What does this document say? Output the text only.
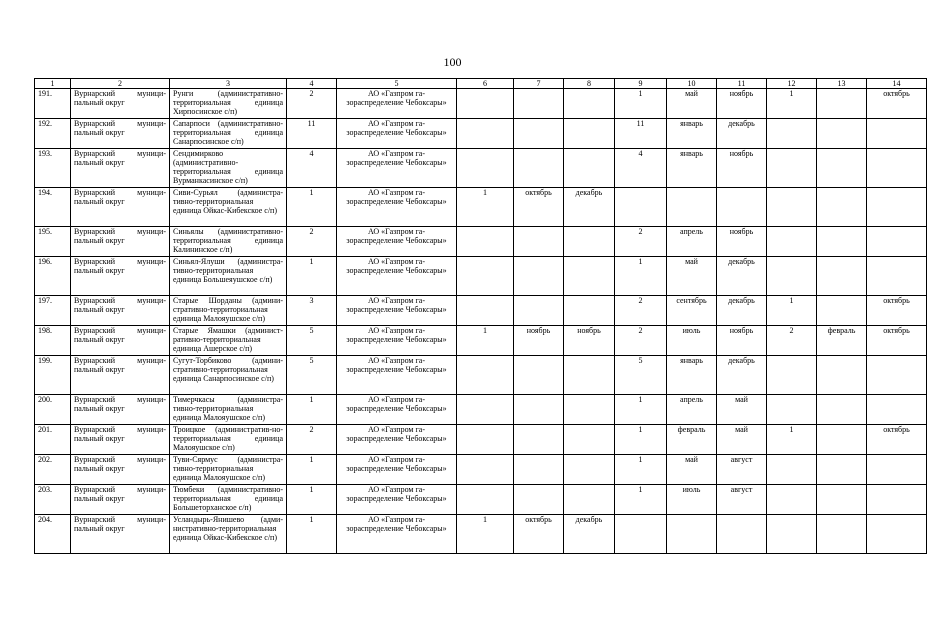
100
1	2	3	4	5	6	7	8	9	10	11	12	13	14
191.	Вурнарский муници-пальный округ	Рунги (административно-территориальная единица Хирпосинское с/п)	2	АО «Газпром га-зораспределение Чебоксары»				1	май	ноябрь	1		октябрь
192.	Вурнарский муници-пальный округ	Сапарпоси (административно-территориальная единица Санарпосинское с/п)	11	АО «Газпром га-зораспределение Чебоксары»				11	январь	декабрь			
193.	Вурнарский муници-пальный округ	Сендимирково (административно-территориальная единица Вурманкасинское с/п)	4	АО «Газпром га-зораспределение Чебоксары»				4	январь	ноябрь			
194.	Вурнарский муници-пальный округ	Сиви-Сурьял (администра-тивно-территориальная единица Ойкас-Кибекское с/п)	1	АО «Газпром га-зораспределение Чебоксары»	1	октябрь	декабрь						
195.	Вурнарский муници-пальный округ	Синьялы (административно-территориальная единица Калининское с/п)	2	АО «Газпром га-зораспределение Чебоксары»				2	апрель	ноябрь			
196.	Вурнарский муници-пальный округ	Синьял-Ялуши (администра-тивно-территориальная единица Большеяушское с/п)	1	АО «Газпром га-зораспределение Чебоксары»				1	май	декабрь			
197.	Вурнарский муници-пальный округ	Старые Шорданы (админи-стративно-территориальная единица Малояушское с/п)	3	АО «Газпром га-зораспределение Чебоксары»				2	сентябрь	декабрь	1		октябрь
198.	Вурнарский муници-пальный округ	Старые Ямашки (админист-ративно-территориальная единица Ашерское с/п)	5	АО «Газпром га-зораспределение Чебоксары»	1	ноябрь	ноябрь	2	июль	ноябрь	2	февраль	октябрь
199.	Вурнарский муници-пальный округ	Сугут-Торбиково (админи-стративно-территориальная единица Санарпосинское с/п)	5	АО «Газпром га-зораспределение Чебоксары»				5	январь	декабрь			
200.	Вурнарский муници-пальный округ	Тимерчкасы (администра-тивно-территориальная единица Малояушское с/п)	1	АО «Газпром га-зораспределение Чебоксары»				1	апрель	май			
201.	Вурнарский муници-пальный округ	Троицкое (административ-но-территориальная единица Малояушское с/п)	2	АО «Газпром га-зораспределение Чебоксары»				1	февраль	май	1		октябрь
202.	Вурнарский муници-пальный округ	Туви-Сярмус (администра-тивно-территориальная единица Малояушское с/п)	1	АО «Газпром га-зораспределение Чебоксары»				1	май	август			
203.	Вурнарский муници-пальный округ	Тюмбеки (административно-территориальная единица Большеторханское с/п)	1	АО «Газпром га-зораспределение Чебоксары»				1	июль	август			
204.	Вурнарский муници-пальный округ	Усландырь-Янишево (адми-нистративно-территориальная единица Ойкас-Кибекское с/п)	1	АО «Газпром га-зораспределение Чебоксары»	1	октябрь	декабрь						
